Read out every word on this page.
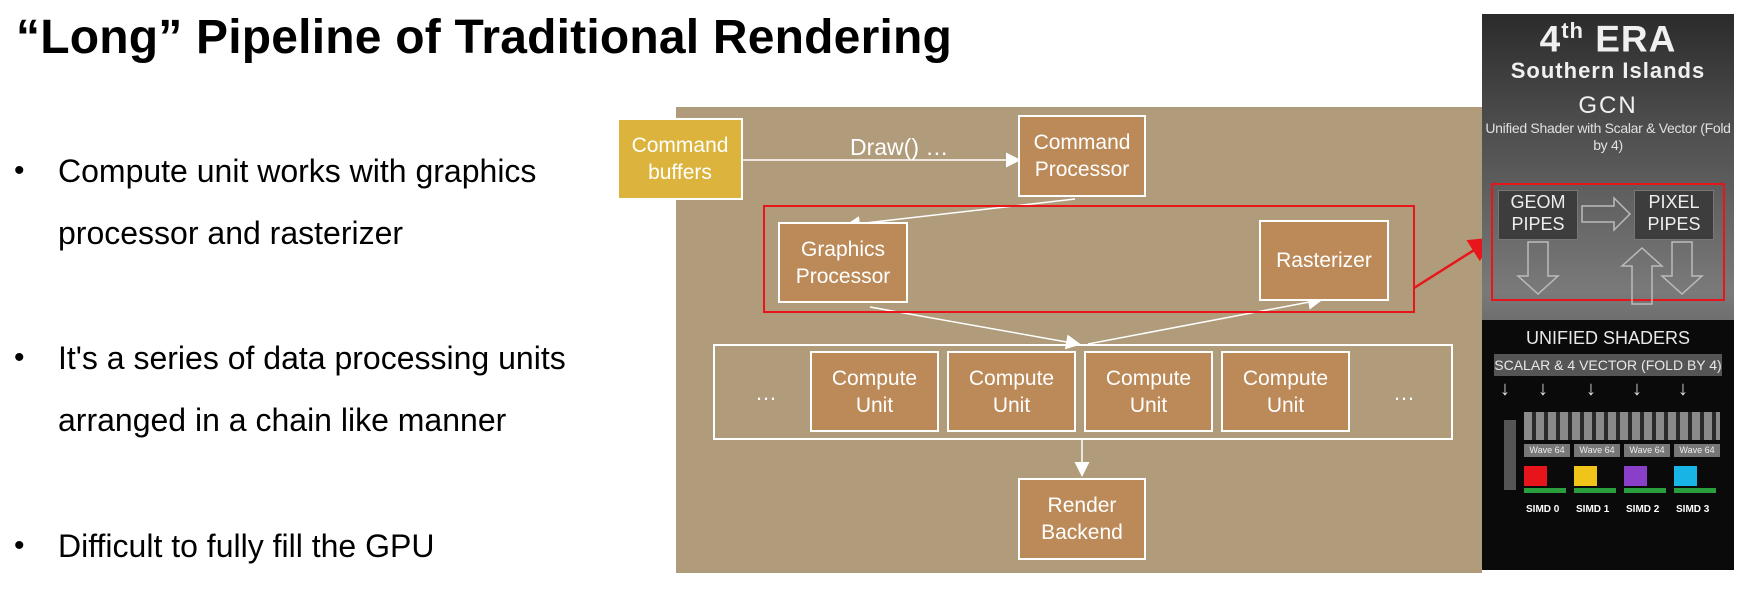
“Long” Pipeline of Traditional Rendering
• Compute unit works with graphics processor and rasterizer
• It's a series of data processing units arranged in a chain like manner
• Difficult to fully fill the GPU
Command buffers
Draw() …	Command Processor
Graphics Processor
Rasterizer
…
Compute Unit
Compute Unit
Compute Unit
Compute Unit	…
Render Backend
4th ERA
Southern Islands
GCN
Unified Shader with Scalar & Vector (Fold by 4)
GEOM PIPES
PIXEL PIPES
UNIFIED SHADERS
SCALAR & 4 VECTOR (FOLD BY 4)
↓ ↓ ↓ ↓ ↓
Wave 64	Wave 64	Wave 64	Wave 64
SIMD 0 SIMD 1 SIMD 2 SIMD 3
